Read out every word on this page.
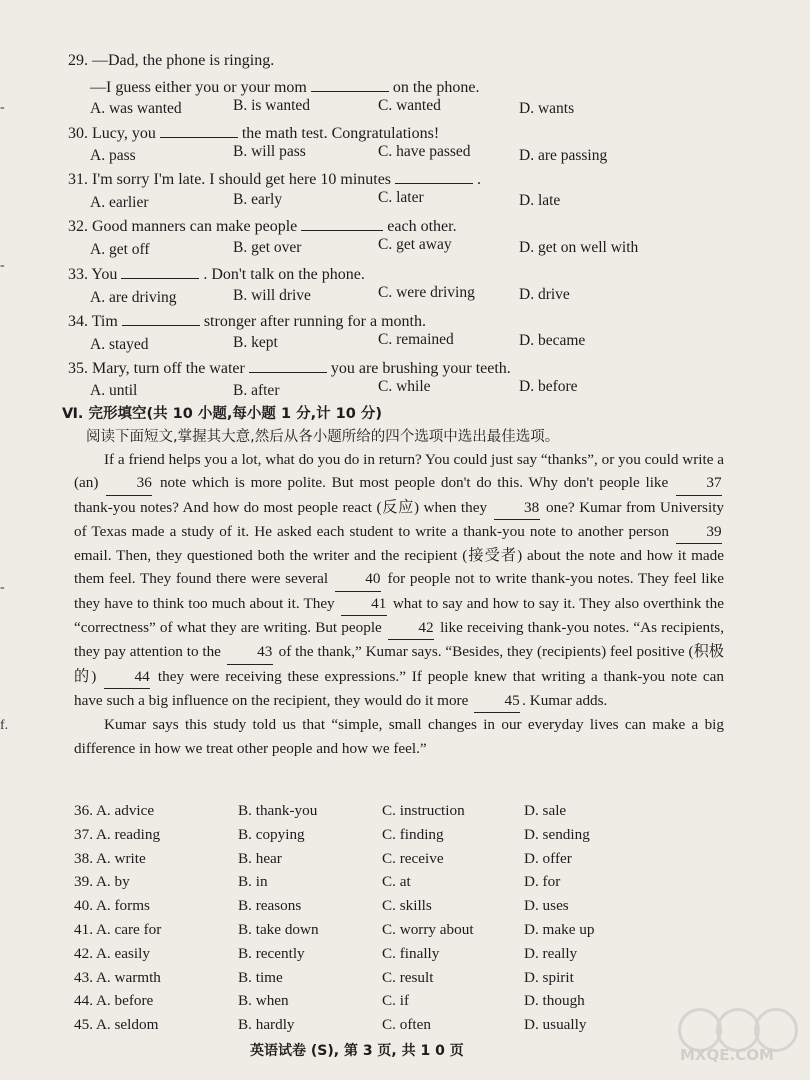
-
-
-
f.
29. —Dad, the phone is ringing.
—I guess either you or your mom	on the phone.
A. was wanted	B. is wanted	C. wanted	D. wants
30. Lucy, you	the math test. Congratulations!
A. pass	B. will pass	C. have passed	D. are passing
31. I'm sorry I'm late. I should get here 10 minutes	.
A. earlier	B. early	C. later	D. late
32. Good manners can make people	each other.
A. get off	B. get over	C. get away	D. get on well with
33. You	. Don't talk on the phone.
A. are driving	B. will drive	C. were driving	D. drive
34. Tim	stronger after running for a month.
A. stayed	B. kept	C. remained	D. became
35. Mary, turn off the water	you are brushing your teeth.
A. until	B. after	C. while	D. before
Ⅵ. 完形填空(共 10 小题,每小题 1 分,计 10 分)
阅读下面短文,掌握其大意,然后从各小题所给的四个选项中选出最佳选项。

If a friend helps you a lot, what do you do in return? You could just say “thanks”, or you could write a (an) 36 note which is more polite. But most people don't do this. Why don't people like 37 thank-you notes? And how do most people react (反应) when they 38 one? Kumar from University of Texas made a study of it. He asked each student to write a thank-you note to another person 39 email. Then, they questioned both the writer and the recipient (接受者) about the note and how it made them feel. They found there were several 40 for people not to write thank-you notes. They feel like they have to think too much about it. They 41 what to say and how to say it. They also overthink the “correctness” of what they are writing. But people 42 like receiving thank-you notes. “As recipients, they pay attention to the 43 of the thank,” Kumar says. “Besides, they (recipients) feel positive (积极的) 44 they were receiving these expressions.” If people knew that writing a thank-you note can have such a big influence on the recipient, they would do it more 45 . Kumar adds.

Kumar says this study told us that “simple, small changes in our everyday lives can make a big difference in how we treat other people and how we feel.”

36. A. advice	B. thank-you	C. instruction	D. sale
37. A. reading	B. copying	C. finding	D. sending
38. A. write	B. hear	C. receive	D. offer
39. A. by	B. in	C. at	D. for
40. A. forms	B. reasons	C. skills	D. uses
41. A. care for	B. take down	C. worry about	D. make up
42. A. easily	B. recently	C. finally	D. really
43. A. warmth	B. time	C. result	D. spirit
44. A. before	B. when	C. if	D. though
45. A. seldom	B. hardly	C. often	D. usually
英语试卷 (S), 第 3 页, 共 1 0 页	MXQE.COM
